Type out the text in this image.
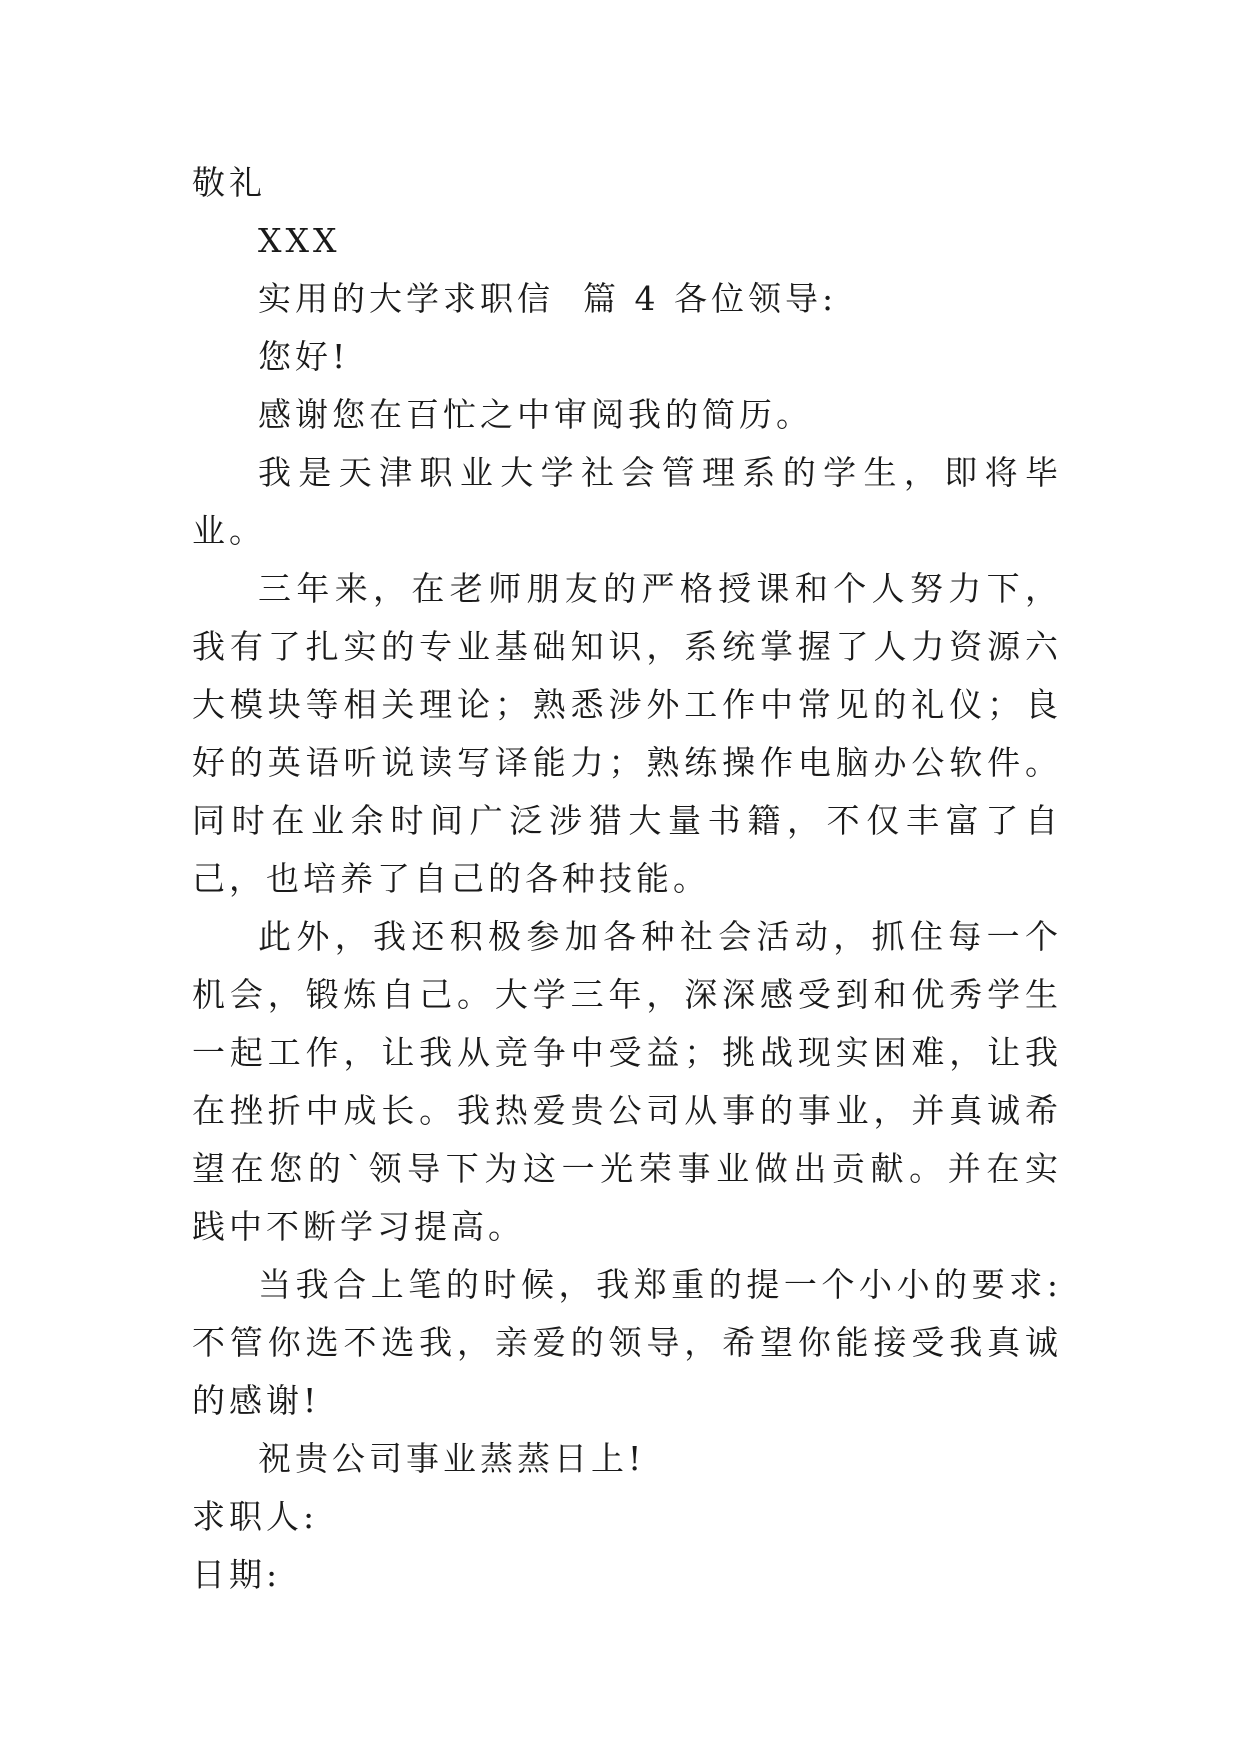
敬礼

XXX

实用的大学求职信  篇 4 各位领导:

您好!

感谢您在百忙之中审阅我的简历。

我是天津职业大学社会管理系的学生，即将毕业。

三年来，在老师朋友的严格授课和个人努力下，我有了扎实的专业基础知识，系统掌握了人力资源六大模块等相关理论；熟悉涉外工作中常见的礼仪；良好的英语听说读写译能力；熟练操作电脑办公软件。同时在业余时间广泛涉猎大量书籍，不仅丰富了自己，也培养了自己的各种技能。

此外，我还积极参加各种社会活动，抓住每一个机会，锻炼自己。大学三年，深深感受到和优秀学生一起工作，让我从竞争中受益；挑战现实困难，让我在挫折中成长。我热爱贵公司从事的事业，并真诚希望在您的`领导下为这一光荣事业做出贡献。并在实践中不断学习提高。

当我合上笔的时候，我郑重的提一个小小的要求:不管你选不选我，亲爱的领导，希望你能接受我真诚的感谢!

祝贵公司事业蒸蒸日上!

求职人:

日期:
